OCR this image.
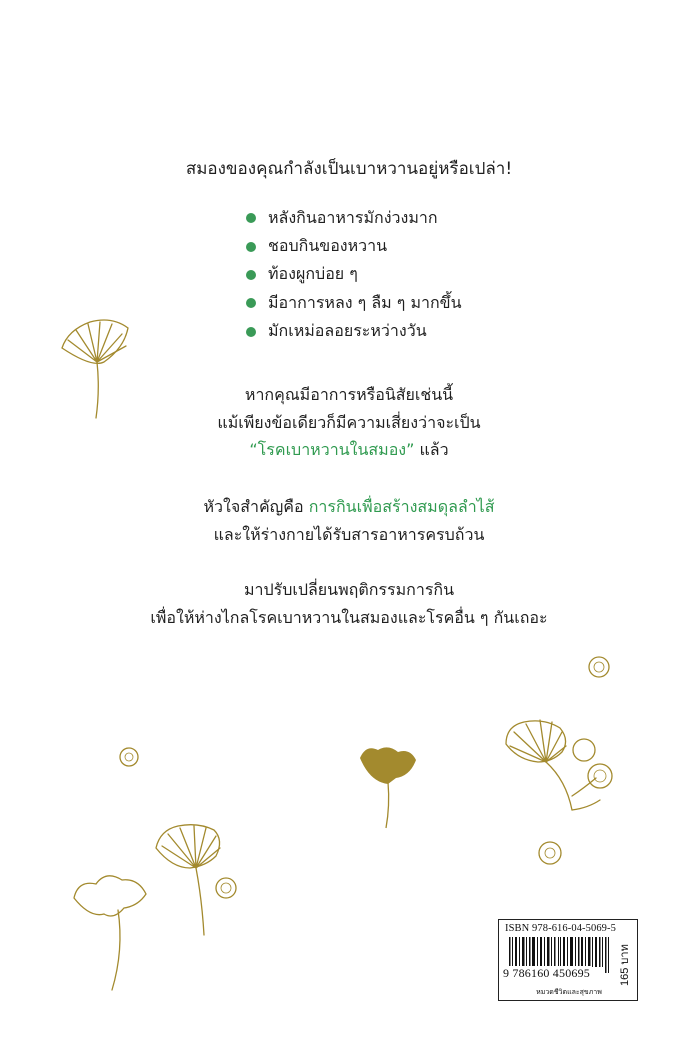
สมองของคุณกำลังเป็นเบาหวานอยู่หรือเปล่า!
หลังกินอาหารมักง่วงมาก
ชอบกินของหวาน
ท้องผูกบ่อย ๆ
มีอาการหลง ๆ ลืม ๆ มากขึ้น
มักเหม่อลอยระหว่างวัน

หากคุณมีอาการหรือนิสัยเช่นนี้

แม้เพียงข้อเดียวก็มีความเสี่ยงว่าจะเป็น

“โรคเบาหวานในสมอง” แล้ว

หัวใจสำคัญคือ การกินเพื่อสร้างสมดุลลำไส้

และให้ร่างกายได้รับสารอาหารครบถ้วน

มาปรับเปลี่ยนพฤติกรรมการกิน

เพื่อให้ห่างไกลโรคเบาหวานในสมองและโรคอื่น ๆ กันเถอะ

ISBN 978-616-04-5069-5
9 786160 450695	165 บาท
หมวดชีวิตและสุขภาพ
